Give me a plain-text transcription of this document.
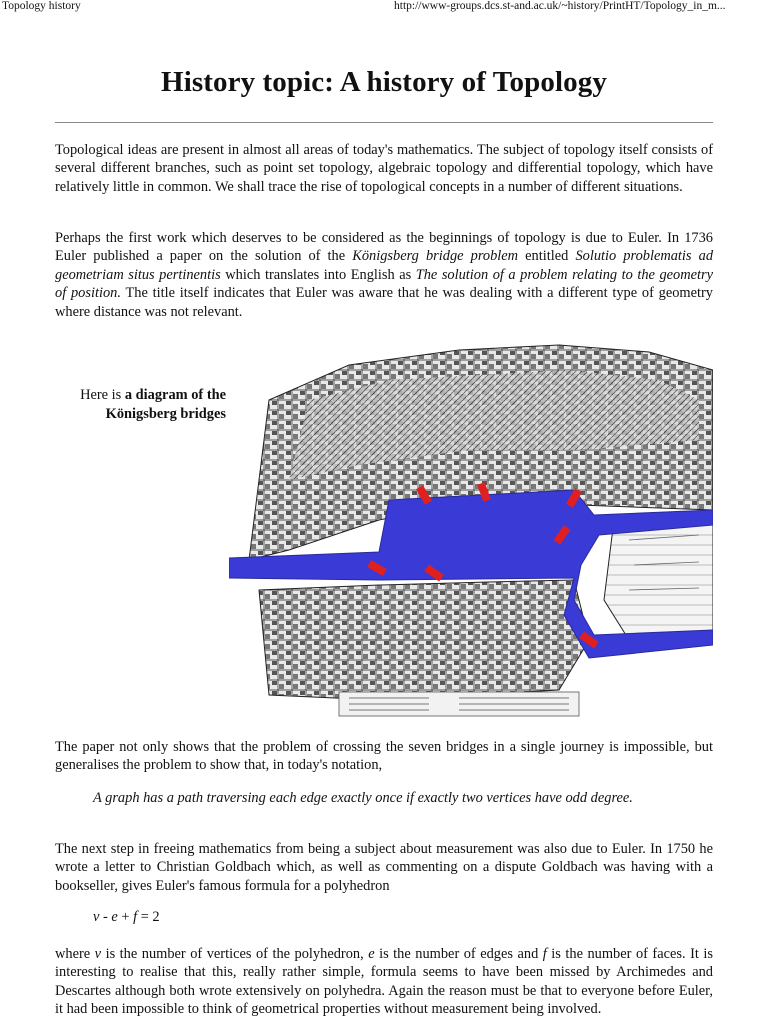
Topology history	http://www-groups.dcs.st-and.ac.uk/~history/PrintHT/Topology_in_m...
History topic: A history of Topology

Topological ideas are present in almost all areas of today's mathematics. The subject of topology itself consists of several different branches, such as point set topology, algebraic topology and differential topology, which have relatively little in common. We shall trace the rise of topological concepts in a number of different situations.

Perhaps the first work which deserves to be considered as the beginnings of topology is due to Euler. In 1736 Euler published a paper on the solution of the Königsberg bridge problem entitled Solutio problematis ad geometriam situs pertinentis which translates into English as The solution of a problem relating to the geometry of position. The title itself indicates that Euler was aware that he was dealing with a different type of geometry where distance was not relevant.

Here is a diagram of the
Königsberg bridges

The paper not only shows that the problem of crossing the seven bridges in a single journey is impossible, but generalises the problem to show that, in today's notation,

A graph has a path traversing each edge exactly once if exactly two vertices have odd degree.

The next step in freeing mathematics from being a subject about measurement was also due to Euler. In 1750 he wrote a letter to Christian Goldbach which, as well as commenting on a dispute Goldbach was having with a bookseller, gives Euler's famous formula for a polyhedron

v - e + f = 2

where v is the number of vertices of the polyhedron, e is the number of edges and f is the number of faces. It is interesting to realise that this, really rather simple, formula seems to have been missed by Archimedes and Descartes although both wrote extensively on polyhedra. Again the reason must be that to everyone before Euler, it had been impossible to think of geometrical properties without measurement being involved.
